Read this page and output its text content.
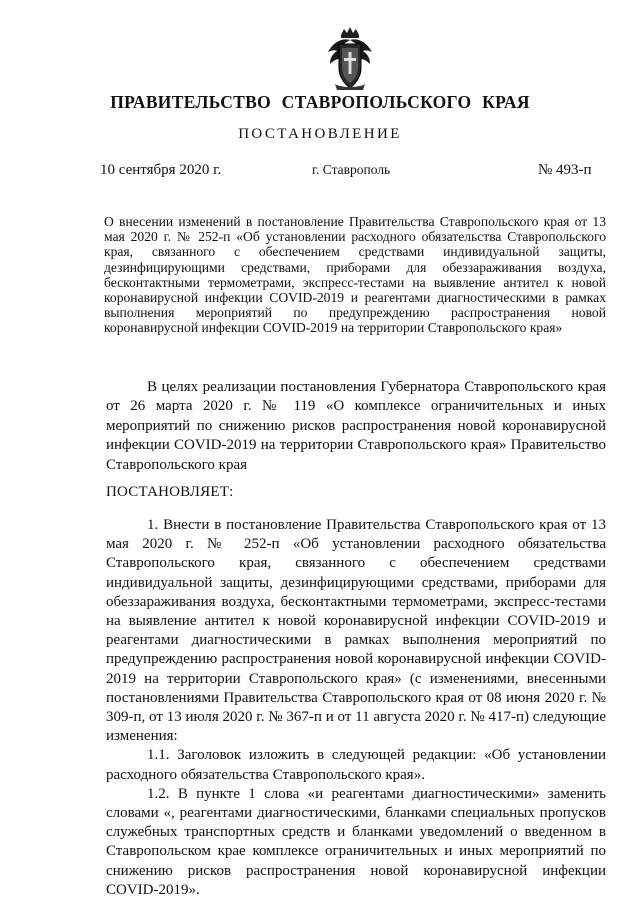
ПРАВИТЕЛЬСТВО СТАВРОПОЛЬСКОГО КРАЯ
ПОСТАНОВЛЕНИЕ
10 сентября 2020 г.	г. Ставрополь	№ 493-п
О внесении изменений в постановление Правительства Ставропольского края от 13 мая 2020 г. № 252-п «Об установлении расходного обязательства Ставропольского края, связанного с обеспечением средствами индивидуальной защиты, дезинфицирующими средствами, приборами для обеззараживания воздуха, бесконтактными термометрами, экспресс-тестами на выявление антител к новой коронавирусной инфекции COVID-2019 и реагентами диагностическими в рамках выполнения мероприятий по предупреждению распространения новой коронавирусной инфекции COVID-2019 на территории Ставропольского края»
В целях реализации постановления Губернатора Ставропольского края от 26 марта 2020 г. № 119 «О комплексе ограничительных и иных мероприятий по снижению рисков распространения новой коронавирусной инфекции COVID-2019 на территории Ставропольского края» Правительство Ставропольского края
ПОСТАНОВЛЯЕТ:

1. Внести в постановление Правительства Ставропольского края от 13 мая 2020 г. № 252-п «Об установлении расходного обязательства Ставропольского края, связанного с обеспечением средствами индивидуальной защиты, дезинфицирующими средствами, приборами для обеззараживания воздуха, бесконтактными термометрами, экспресс-тестами на выявление антител к новой коронавирусной инфекции COVID-2019 и реагентами диагностическими в рамках выполнения мероприятий по предупреждению распространения новой коронавирусной инфекции COVID-2019 на территории Ставропольского края» (с изменениями, внесенными постановлениями Правительства Ставропольского края от 08 июня 2020 г. № 309-п, от 13 июля 2020 г. № 367-п и от 11 августа 2020 г. № 417-п) следующие изменения:

1.1. Заголовок изложить в следующей редакции: «Об установлении расходного обязательства Ставропольского края».

1.2. В пункте 1 слова «и реагентами диагностическими» заменить словами «, реагентами диагностическими, бланками специальных пропусков служебных транспортных средств и бланками уведомлений о введенном в Ставропольском крае комплексе ограничительных и иных мероприятий по снижению рисков распространения новой коронавирусной инфекции COVID-2019».
